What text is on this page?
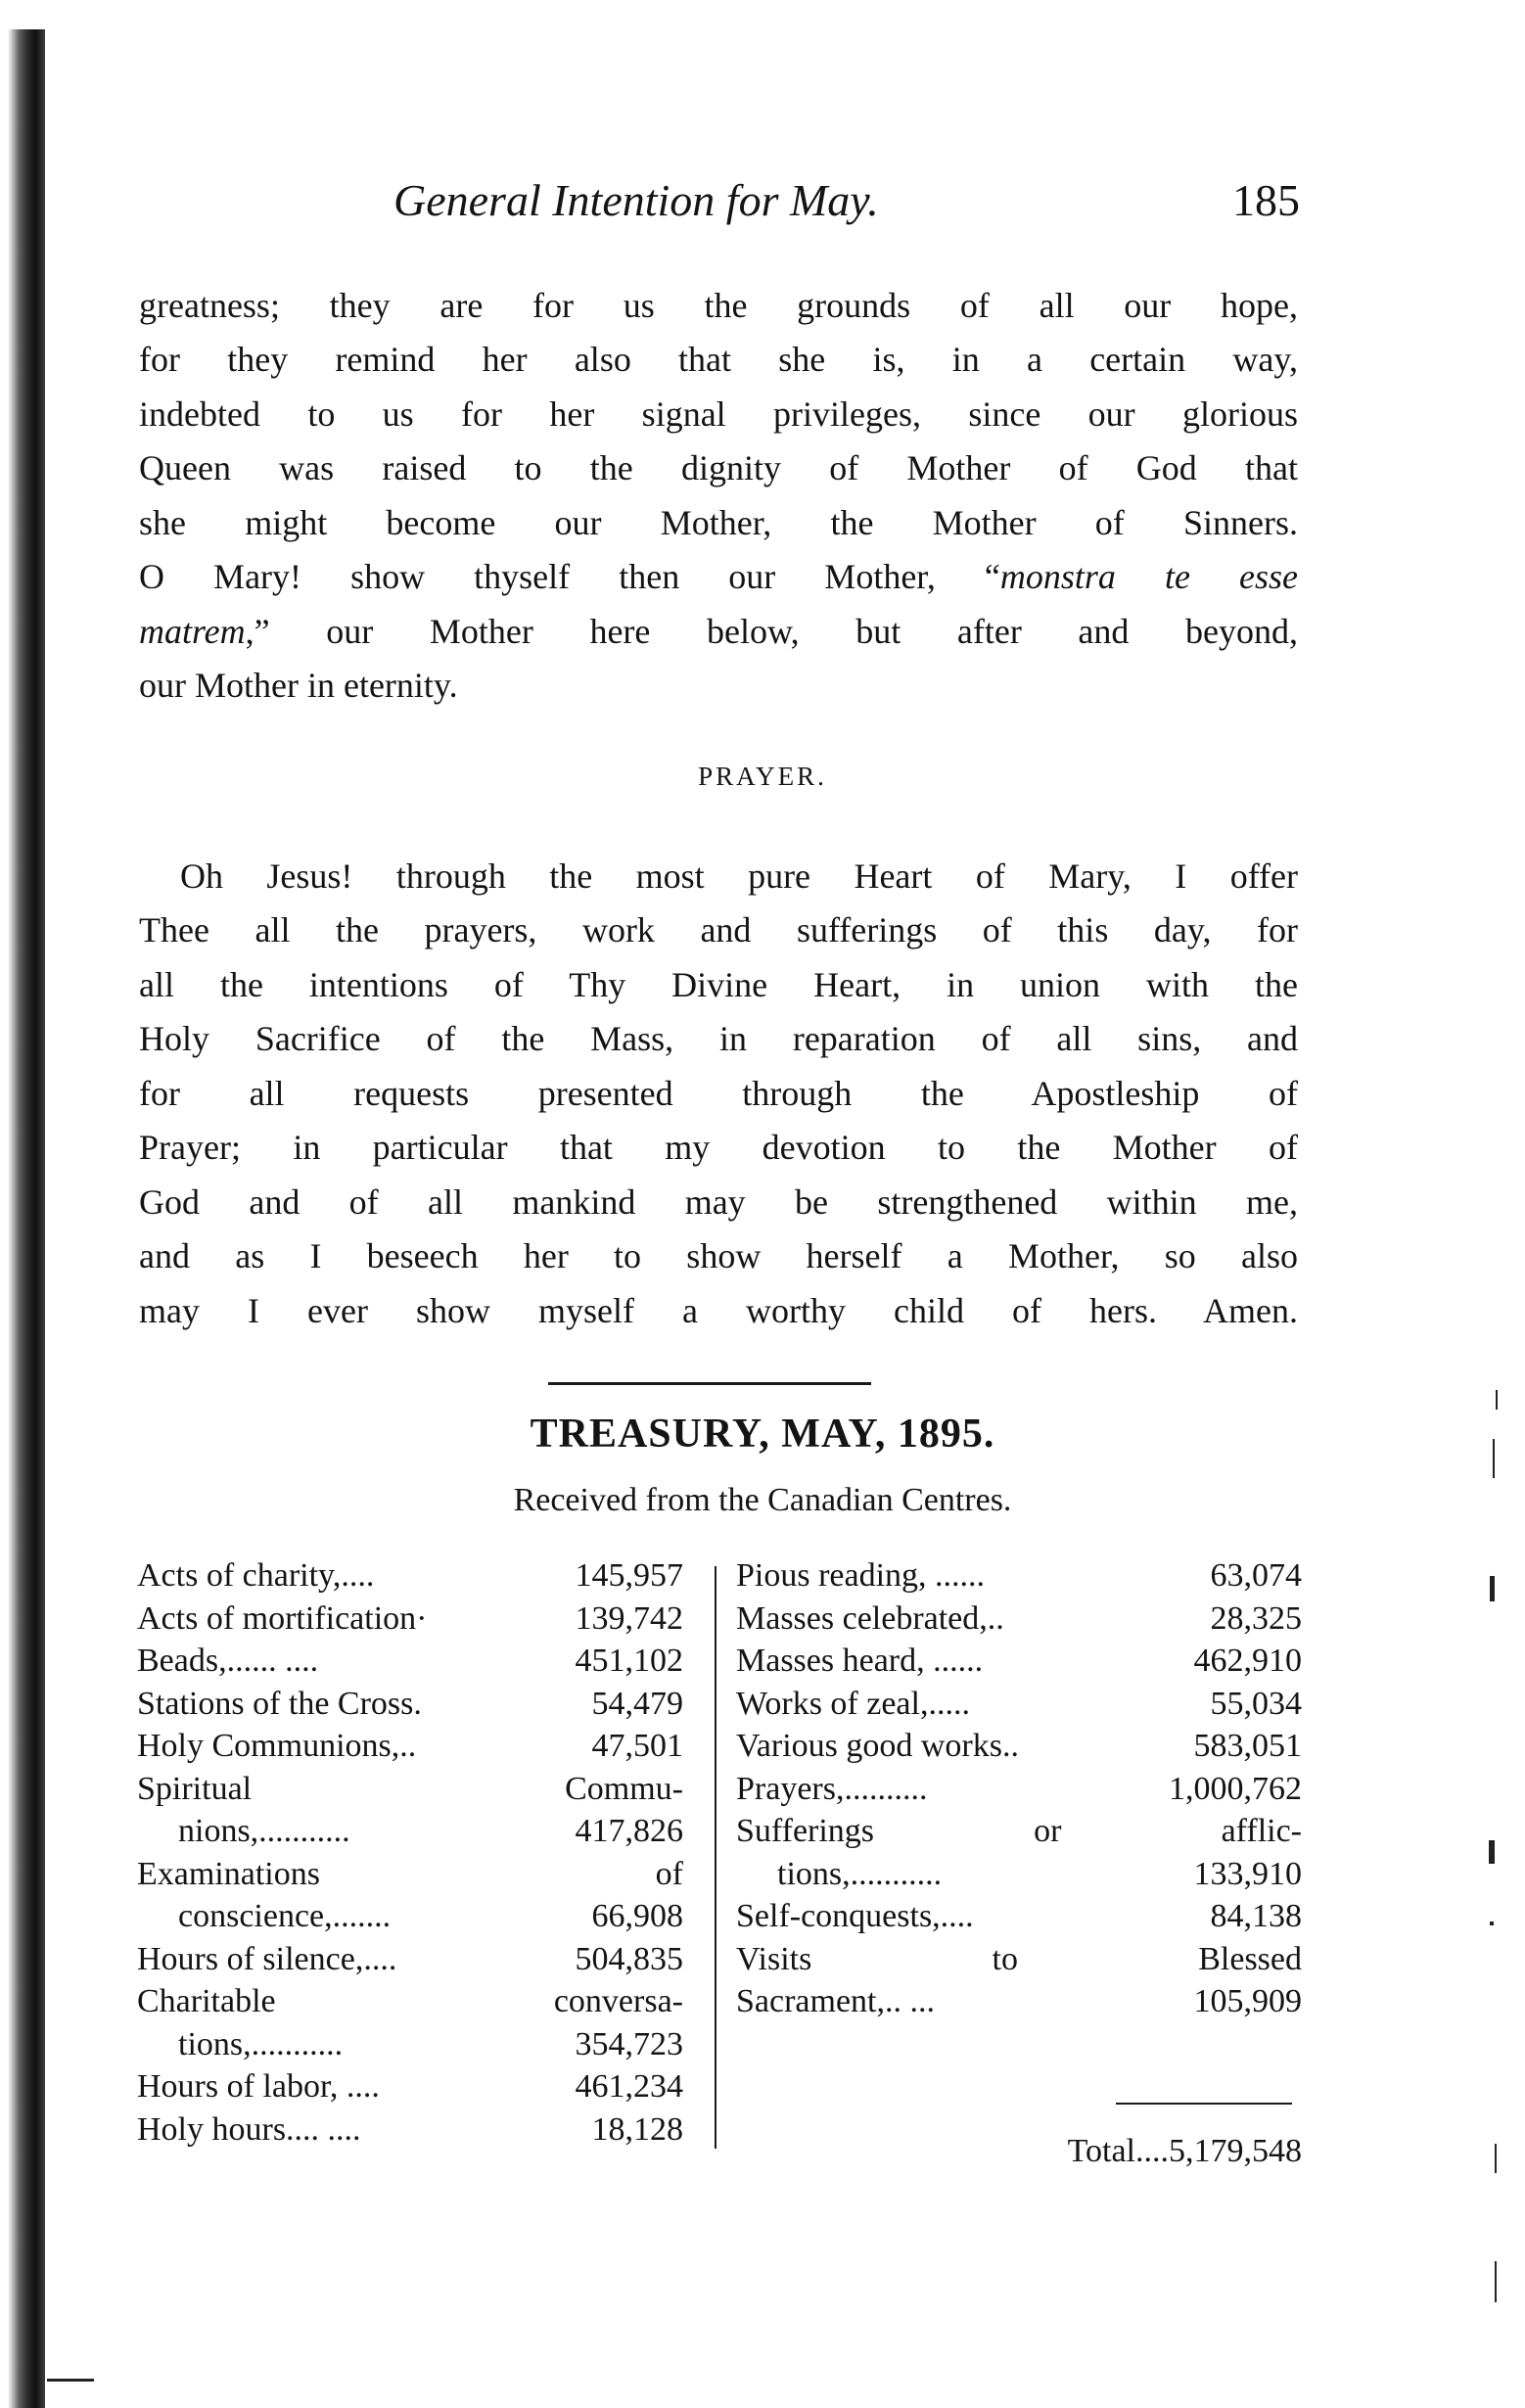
General Intention for May.	185

greatness; they are for us the grounds of all our hope,

for they remind her also that she is, in a certain way,

indebted to us for her signal privileges, since our glorious

Queen was raised to the dignity of Mother of God that

she might become our Mother, the Mother of Sinners.

O Mary! show thyself then our Mother, “monstra te esse

matrem,” our Mother here below, but after and beyond,

our Mother in eternity.

PRAYER.

Oh Jesus! through the most pure Heart of Mary, I offer

Thee all the prayers, work and sufferings of this day, for

all the intentions of Thy Divine Heart, in union with the

Holy Sacrifice of the Mass, in reparation of all sins, and

for all requests presented through the Apostleship of

Prayer; in particular that my devotion to the Mother of

God and of all mankind may be strengthened within me,

and as I beseech her to show herself a Mother, so also

may I ever show myself a worthy child of hers. Amen.

TREASURY, MAY, 1895.
Received from the Canadian Centres.
Acts of charity,....	145,957
Acts of mortification·	139,742
Beads,...... ....	451,102
Stations of the Cross.	54,479
Holy Communions,..	47,501
Spiritual Commu-
nions,...........	417,826
Examinations of
conscience,.......	66,908
Hours of silence,....	504,835
Charitable conversa-
tions,...........	354,723
Hours of labor, ....	461,234
Holy hours.... ....	18,128
Pious reading, ......	63,074
Masses celebrated,..	28,325
Masses heard, ......	462,910
Works of zeal,.....	55,034
Various good works..	583,051
Prayers,..........	1,000,762
Sufferings or afflic-
tions,...........	133,910
Self-conquests,....	84,138
Visits to Blessed
Sacrament,.. ...	105,909
Total....5,179,548
